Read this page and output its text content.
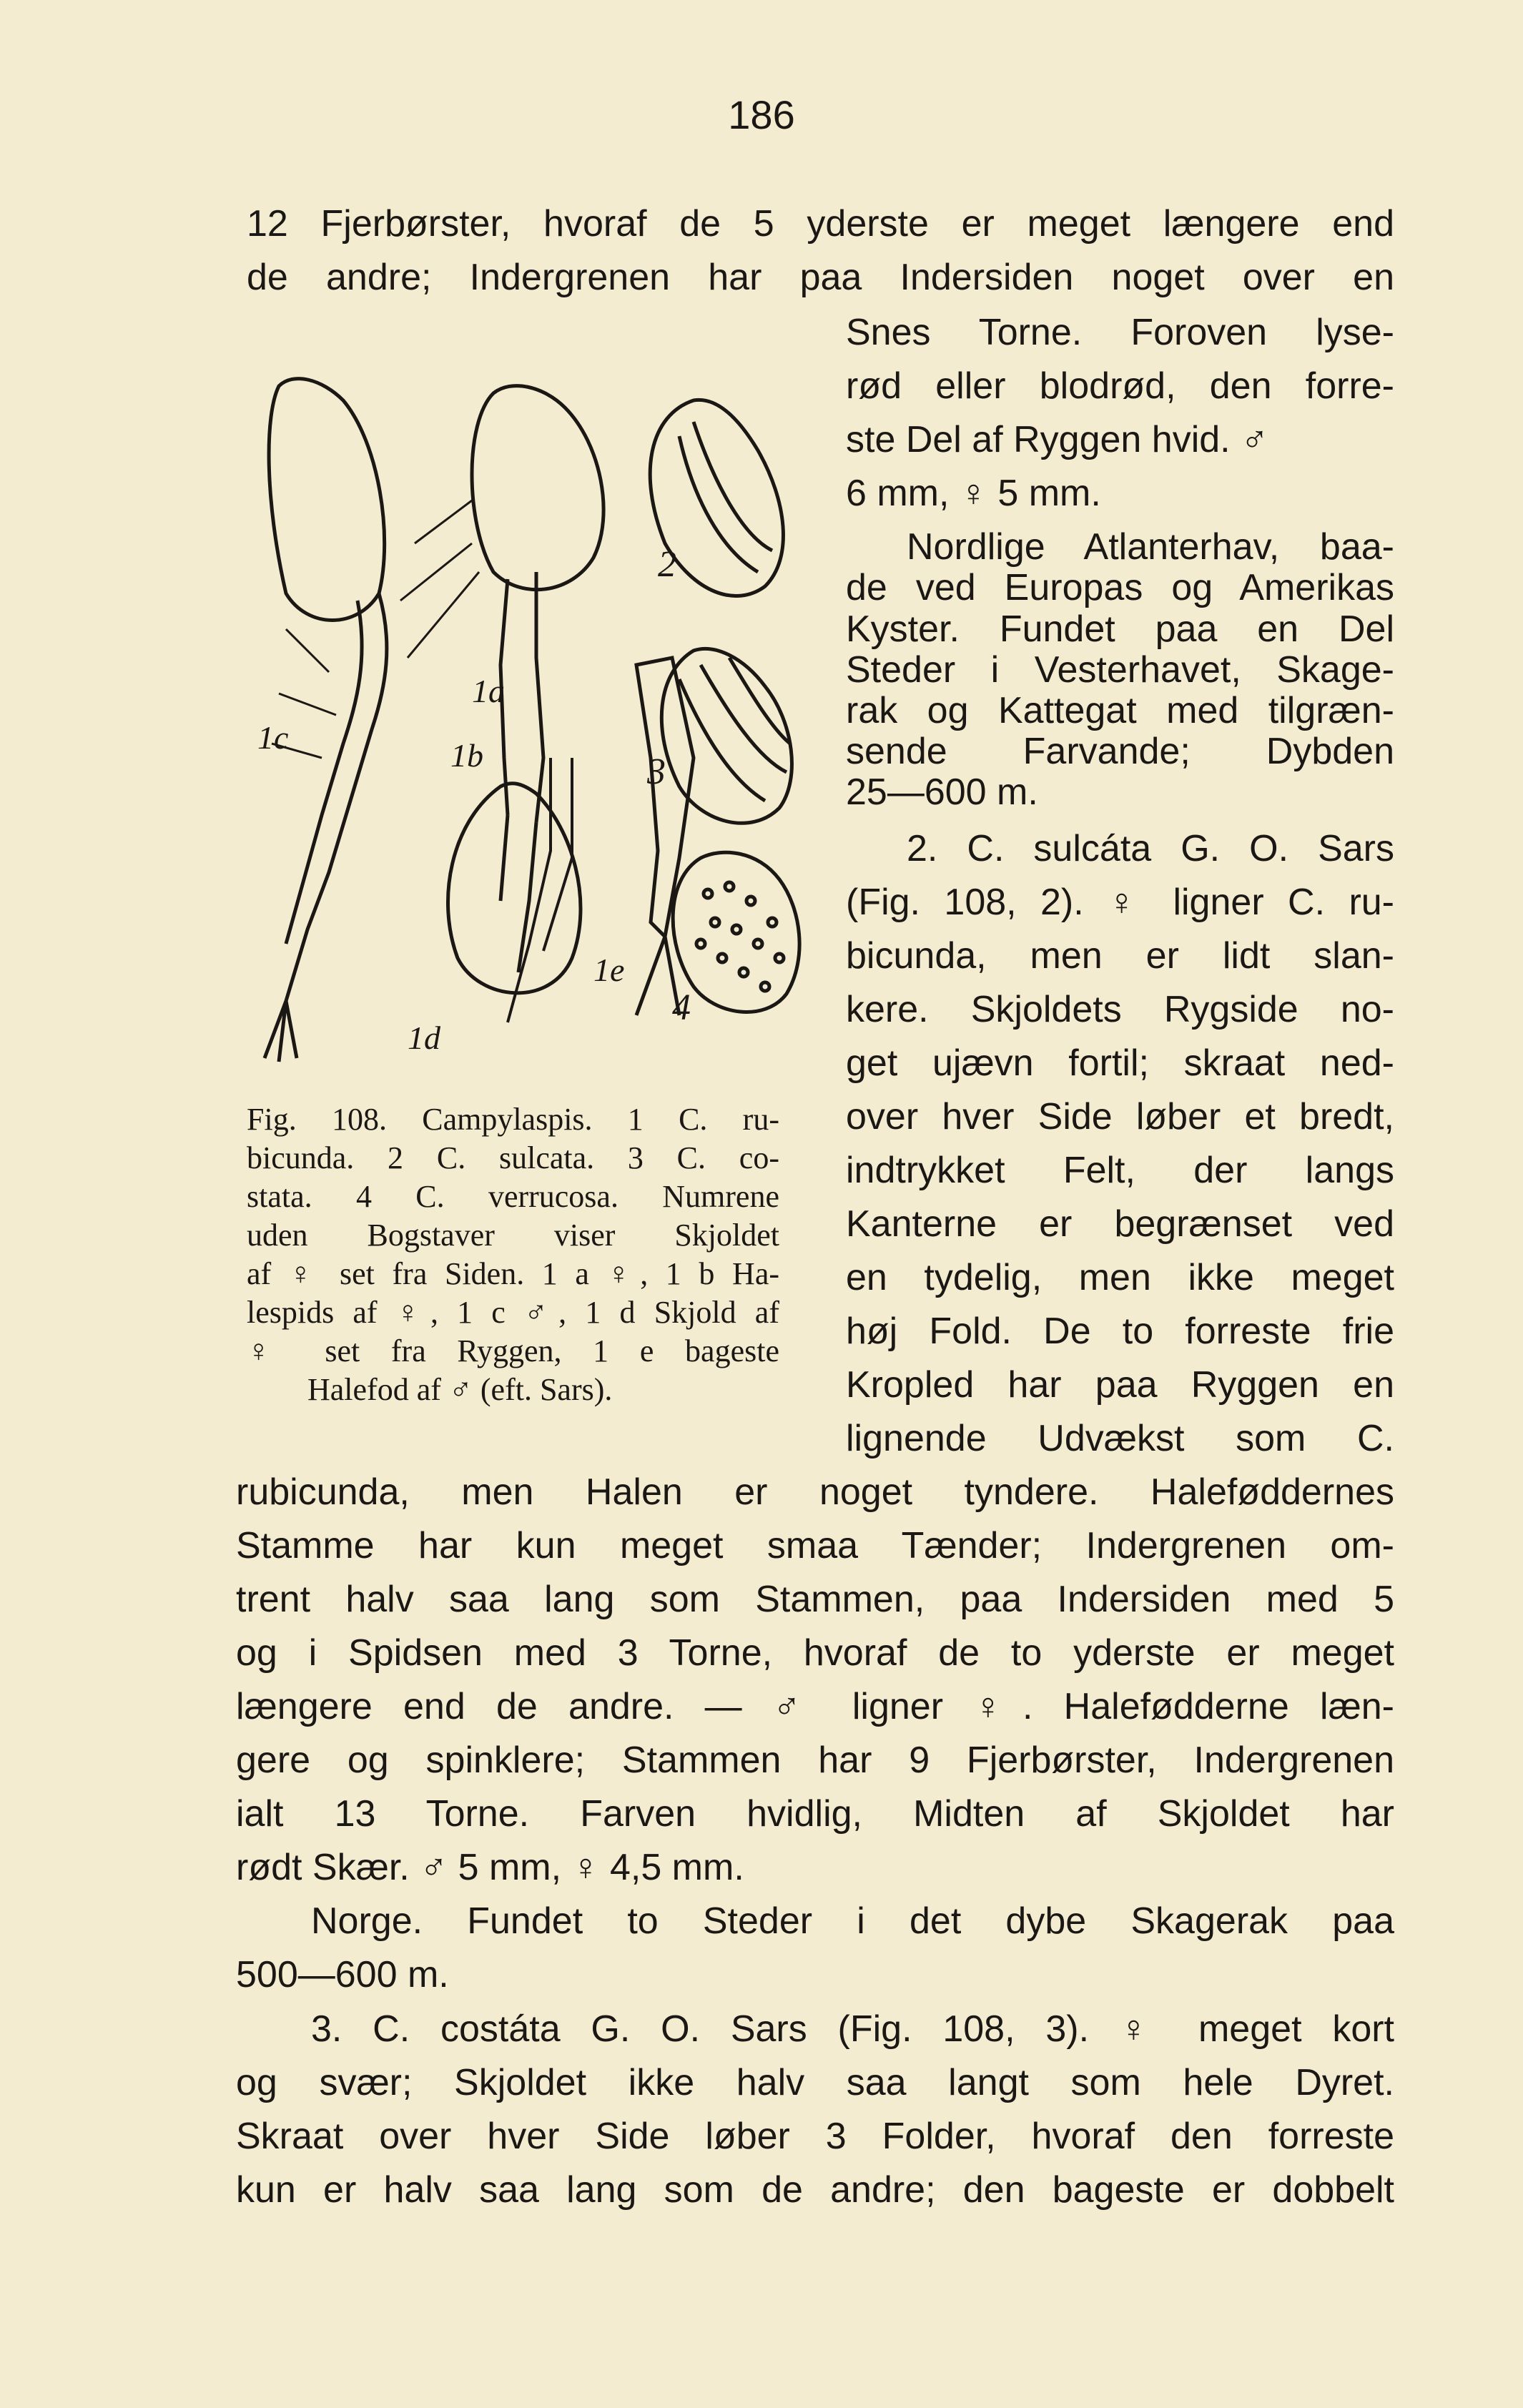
186
12 Fjerbørster, hvoraf de 5 yderste er meget længere end
de andre; Indergrenen har paa Indersiden noget over en
Snes Torne. Foroven lyse-
rød eller blodrød, den forre-
ste Del af Ryggen hvid. ♂
6 mm, ♀ 5 mm.
Nordlige Atlanterhav, baa-
de ved Europas og Amerikas
Kyster. Fundet paa en Del
Steder i Vesterhavet, Skage-
rak og Kattegat med tilgræn-
sende Farvande; Dybden
25—600 m.
2. C. sulcáta G. O. Sars
(Fig. 108, 2). ♀ ligner C. ru-
bicunda, men er lidt slan-
kere. Skjoldets Rygside no-
get ujævn fortil; skraat ned-
over hver Side løber et bredt,
indtrykket Felt, der langs
Kanterne er begrænset ved
en tydelig, men ikke meget
høj Fold. De to forreste frie
Kropled har paa Ryggen en
lignende Udvækst som C.
1c
1a
1b
1e
1d
2
3
4
Fig. 108. Campylaspis. 1 C. ru-
bicunda. 2 C. sulcata. 3 C. co-
stata. 4 C. verrucosa. Numrene
uden Bogstaver viser Skjoldet
af ♀ set fra Siden. 1 a ♀, 1 b Ha-
lespids af ♀, 1 c ♂, 1 d Skjold af
♀ set fra Ryggen, 1 e bageste
Halefod af ♂ (eft. Sars).
rubicunda, men Halen er noget tyndere. Haleføddernes
Stamme har kun meget smaa Tænder; Indergrenen om-
trent halv saa lang som Stammen, paa Indersiden med 5
og i Spidsen med 3 Torne, hvoraf de to yderste er meget
længere end de andre. — ♂ ligner ♀. Halefødderne læn-
gere og spinklere; Stammen har 9 Fjerbørster, Indergrenen
ialt 13 Torne. Farven hvidlig, Midten af Skjoldet har
rødt Skær. ♂ 5 mm, ♀ 4,5 mm.
Norge. Fundet to Steder i det dybe Skagerak paa
500—600 m.
3. C. costáta G. O. Sars (Fig. 108, 3). ♀ meget kort
og svær; Skjoldet ikke halv saa langt som hele Dyret.
Skraat over hver Side løber 3 Folder, hvoraf den forreste
kun er halv saa lang som de andre; den bageste er dobbelt
